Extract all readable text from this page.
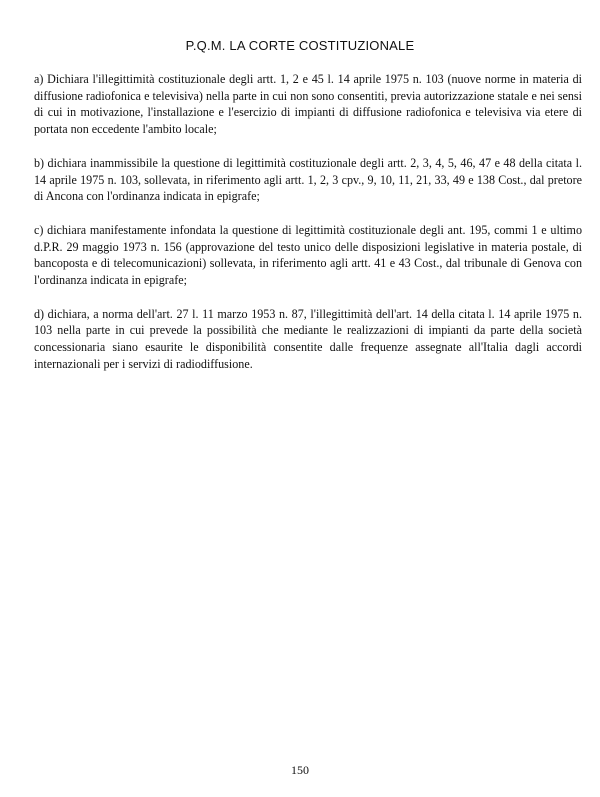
P.Q.M. LA CORTE COSTITUZIONALE

a) Dichiara l'illegittimità costituzionale degli artt. 1, 2 e 45 l. 14 aprile 1975 n. 103 (nuove norme in materia di diffusione radiofonica e televisiva) nella parte in cui non sono consentiti, previa autorizzazione statale e nei sensi di cui in motivazione, l'installazione e l'esercizio di impianti di diffusione radiofonica e televisiva via etere di portata non eccedente l'ambito locale;

b) dichiara inammissibile la questione di legittimità costituzionale degli artt. 2, 3, 4, 5, 46, 47 e 48 della citata l. 14 aprile 1975 n. 103, sollevata, in riferimento agli artt. 1, 2, 3 cpv., 9, 10, 11, 21, 33, 49 e 138 Cost., dal pretore di Ancona con l'ordinanza indicata in epigrafe;

c) dichiara manifestamente infondata la questione di legittimità costituzionale degli ant. 195, commi 1 e ultimo d.P.R. 29 maggio 1973 n. 156 (approvazione del testo unico delle disposizioni legislative in materia postale, di bancoposta e di telecomunicazioni) sollevata, in riferimento agli artt. 41 e 43 Cost., dal tribunale di Genova con l'ordinanza indicata in epigrafe;

d) dichiara, a norma dell'art. 27 l. 11 marzo 1953 n. 87, l'illegittimità dell'art. 14 della citata l. 14 aprile 1975 n. 103 nella parte in cui prevede la possibilità che mediante le realizzazioni di impianti da parte della società concessionaria siano esaurite le disponibilità consentite dalle frequenze assegnate all'Italia dagli accordi internazionali per i servizi di radiodiffusione.

150
